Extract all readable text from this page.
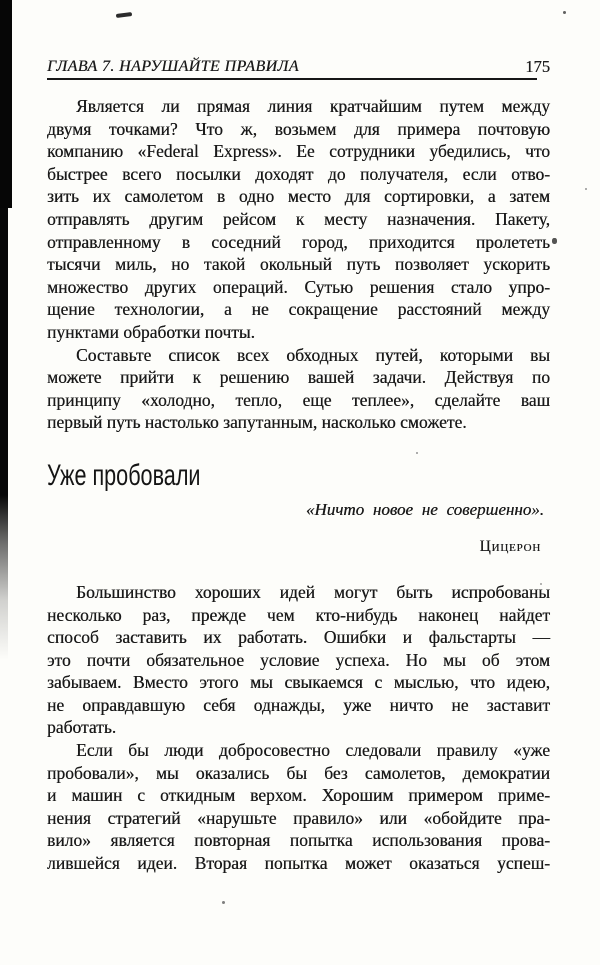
ГЛАВА 7. НАРУШАЙТЕ ПРАВИЛА	175
Является ли прямая линия кратчайшим путем между
двумя точками? Что ж, возьмем для примера почтовую
компанию «Federal Express». Ее сотрудники убедились, что
быстрее всего посылки доходят до получателя, если отво-
зить их самолетом в одно место для сортировки, а затем
отправлять другим рейсом к месту назначения. Пакету,
отправленному в соседний город, приходится пролететь
тысячи миль, но такой окольный путь позволяет ускорить
множество других операций. Сутью решения стало упро-
щение технологии, а не сокращение расстояний между
пунктами обработки почты.
Составьте список всех обходных путей, которыми вы
можете прийти к решению вашей задачи. Действуя по
принципу «холодно, тепло, еще теплее», сделайте ваш
первый путь настолько запутанным, насколько сможете.
Уже пробовали
«Ничто новое не совершенно».
Цицерон
Большинство хороших идей могут быть испробованы
несколько раз, прежде чем кто-нибудь наконец найдет
способ заставить их работать. Ошибки и фальстарты —
это почти обязательное условие успеха. Но мы об этом
забываем. Вместо этого мы свыкаемся с мыслью, что идею,
не оправдавшую себя однажды, уже ничто не заставит
работать.
Если бы люди добросовестно следовали правилу «уже
пробовали», мы оказались бы без самолетов, демократии
и машин с откидным верхом. Хорошим примером приме-
нения стратегий «нарушьте правило» или «обойдите пра-
вило» является повторная попытка использования прова-
лившейся идеи. Вторая попытка может оказаться успеш-
